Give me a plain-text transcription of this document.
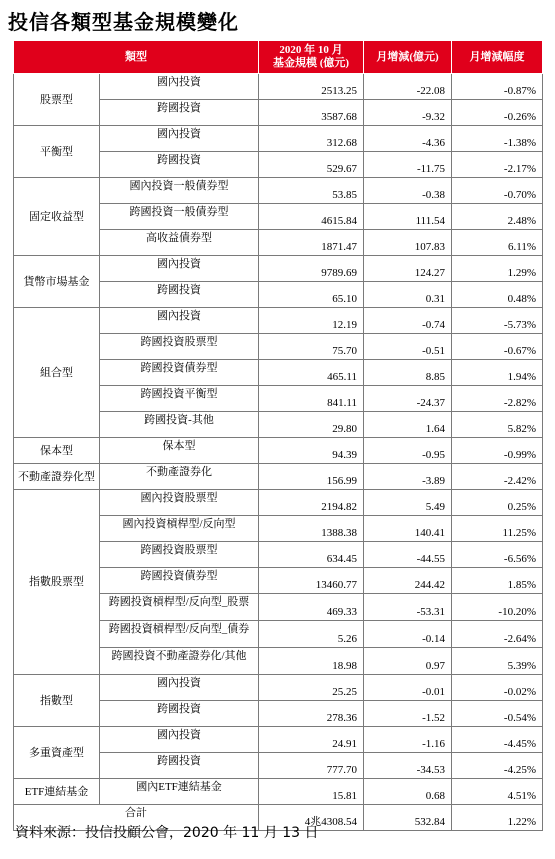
投信各類型基金規模變化
類型		2020 年 10 月
基金規模 (億元)	月增減(億元)	月增減幅度
股票型	國內投資	2513.25	-22.08	-0.87%
	跨國投資	3587.68	-9.32	-0.26%
平衡型	國內投資	312.68	-4.36	-1.38%
	跨國投資	529.67	-11.75	-2.17%
固定收益型	國內投資一般債券型	53.85	-0.38	-0.70%
	跨國投資一般債券型	4615.84	111.54	2.48%
	高收益債券型	1871.47	107.83	6.11%
貨幣市場基金	國內投資	9789.69	124.27	1.29%
	跨國投資	65.10	0.31	0.48%
組合型	國內投資	12.19	-0.74	-5.73%
	跨國投資股票型	75.70	-0.51	-0.67%
	跨國投資債券型	465.11	8.85	1.94%
	跨國投資平衡型	841.11	-24.37	-2.82%
	跨國投資-其他	29.80	1.64	5.82%
保本型	保本型	94.39	-0.95	-0.99%
不動產證券化型	不動產證券化	156.99	-3.89	-2.42%
指數股票型	國內投資股票型	2194.82	5.49	0.25%
	國內投資槓桿型/反向型	1388.38	140.41	11.25%
	跨國投資股票型	634.45	-44.55	-6.56%
	跨國投資債券型	13460.77	244.42	1.85%
	跨國投資槓桿型/反向型_股票	469.33	-53.31	-10.20%
	跨國投資槓桿型/反向型_債券	5.26	-0.14	-2.64%
	跨國投資不動產證券化/其他	18.98	0.97	5.39%
指數型	國內投資	25.25	-0.01	-0.02%
	跨國投資	278.36	-1.52	-0.54%
多重資產型	國內投資	24.91	-1.16	-4.45%
	跨國投資	777.70	-34.53	-4.25%
ETF連結基金	國內ETF連結基金	15.81	0.68	4.51%
合計		4兆4308.54	532.84	1.22%
資料來源：投信投顧公會，2020 年 11 月 13 日
